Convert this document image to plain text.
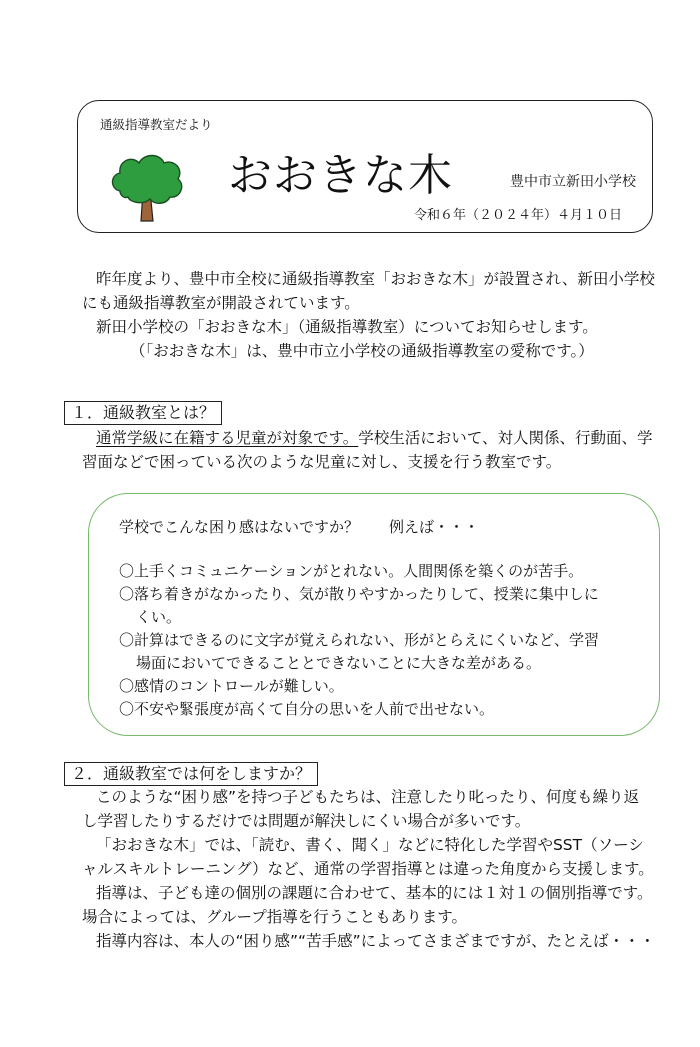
通級指導教室だより
おおきな木	豊中市立新田小学校
令和６年（２０２４年）４月１０日

昨年度より、豊中市全校に通級指導教室「おおきな木」が設置され、新田小学校

にも通級指導教室が開設されています。

新田小学校の「おおきな木」（通級指導教室）についてお知らせします。

（「おおきな木」は、豊中市立小学校の通級指導教室の愛称です。）

１．通級教室とは？

通常学級に在籍する児童が対象です。学校生活において、対人関係、行動面、学

習面などで困っている次のような児童に対し、支援を行う教室です。

学校でこんな困り感はないですか？　　例えば・・・
〇上手くコミュニケーションがとれない。人間関係を築くのが苦手。
〇落ち着きがなかったり、気が散りやすかったりして、授業に集中しに
くい。
〇計算はできるのに文字が覚えられない、形がとらえにくいなど、学習
場面においてできることとできないことに大きな差がある。
〇感情のコントロールが難しい。
〇不安や緊張度が高くて自分の思いを人前で出せない。
２．通級教室では何をしますか？

このような“困り感”を持つ子どもたちは、注意したり叱ったり、何度も繰り返

し学習したりするだけでは問題が解決しにくい場合が多いです。

「おおきな木」では、「読む、書く、聞く」などに特化した学習やSST（ソーシ

ャルスキルトレーニング）など、通常の学習指導とは違った角度から支援します。

指導は、子ども達の個別の課題に合わせて、基本的には１対１の個別指導です。

場合によっては、グループ指導を行うこともあります。

指導内容は、本人の“困り感”“苦手感”によってさまざまですが、たとえば・・・
